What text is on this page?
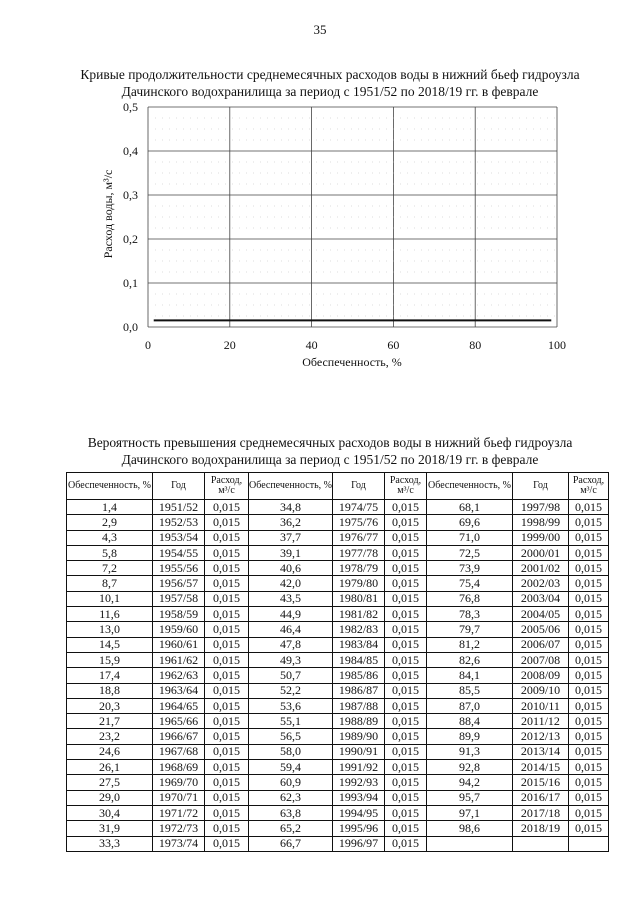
35
Кривые продолжительности среднемесячных расходов воды в нижний бьеф гидроузла
Дачинского водохранилища за период с 1951/52 по 2018/19 гг. в феврале
0	20	40	60	80	100
0,0
0,1
0,2
0,3
0,4
0,5
Обеспеченность, %
Расход воды, м³/с
Вероятность превышения среднемесячных расходов воды в нижний бьеф гидроузла
Дачинского водохранилища за период с 1951/52 по 2018/19 гг. в феврале
Обеспеченность, %	Год	Расход, м³/с	Обеспеченность, %	Год	Расход, м³/с	Обеспеченность, %	Год	Расход, м³/с
1,4	1951/52	0,015	34,8	1974/75	0,015	68,1	1997/98	0,015
2,9	1952/53	0,015	36,2	1975/76	0,015	69,6	1998/99	0,015
4,3	1953/54	0,015	37,7	1976/77	0,015	71,0	1999/00	0,015
5,8	1954/55	0,015	39,1	1977/78	0,015	72,5	2000/01	0,015
7,2	1955/56	0,015	40,6	1978/79	0,015	73,9	2001/02	0,015
8,7	1956/57	0,015	42,0	1979/80	0,015	75,4	2002/03	0,015
10,1	1957/58	0,015	43,5	1980/81	0,015	76,8	2003/04	0,015
11,6	1958/59	0,015	44,9	1981/82	0,015	78,3	2004/05	0,015
13,0	1959/60	0,015	46,4	1982/83	0,015	79,7	2005/06	0,015
14,5	1960/61	0,015	47,8	1983/84	0,015	81,2	2006/07	0,015
15,9	1961/62	0,015	49,3	1984/85	0,015	82,6	2007/08	0,015
17,4	1962/63	0,015	50,7	1985/86	0,015	84,1	2008/09	0,015
18,8	1963/64	0,015	52,2	1986/87	0,015	85,5	2009/10	0,015
20,3	1964/65	0,015	53,6	1987/88	0,015	87,0	2010/11	0,015
21,7	1965/66	0,015	55,1	1988/89	0,015	88,4	2011/12	0,015
23,2	1966/67	0,015	56,5	1989/90	0,015	89,9	2012/13	0,015
24,6	1967/68	0,015	58,0	1990/91	0,015	91,3	2013/14	0,015
26,1	1968/69	0,015	59,4	1991/92	0,015	92,8	2014/15	0,015
27,5	1969/70	0,015	60,9	1992/93	0,015	94,2	2015/16	0,015
29,0	1970/71	0,015	62,3	1993/94	0,015	95,7	2016/17	0,015
30,4	1971/72	0,015	63,8	1994/95	0,015	97,1	2017/18	0,015
31,9	1972/73	0,015	65,2	1995/96	0,015	98,6	2018/19	0,015
33,3	1973/74	0,015	66,7	1996/97	0,015			
